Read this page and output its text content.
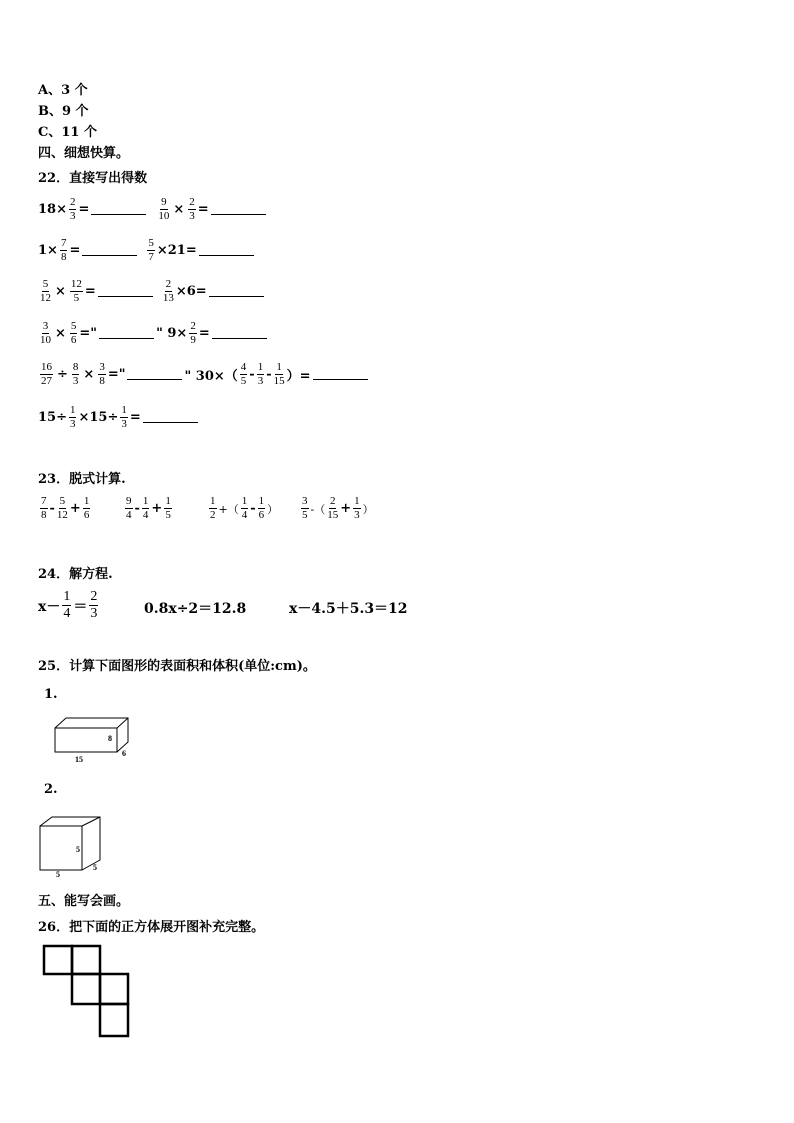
A、3 个
B、9 个
C、11 个
四、细想快算。
22．直接写出得数
$18\times \frac{2}{3}$ =	$\frac{9}{10} \times \frac{2}{3}$ =
$1\times \frac{7}{8}$ =	$\frac{5}{7} \times 21=$
$\frac{5}{12} \times \frac{12}{5}$ =	$\frac{2}{13} \times 6=$
$\frac{3}{10} \times \frac{5}{6}$ ="	" $9\times \frac{2}{9}$ =
$\frac{16}{27} \div \frac{8}{3} \times \frac{3}{8}$ ="	" $30\times( \frac{4}{5} - \frac{1}{3} - \frac{1}{15}$ ）=
$15\div \frac{1}{3} \times 15\div \frac{1}{3}$ =
23．脱式计算.
$\frac{7}{8} - \frac{5}{12} + \frac{1}{6}$	$\frac{9}{4} - \frac{1}{4} + \frac{1}{5}$	$\frac{1}{2}$ +（ $\frac{1}{4} - \frac{1}{6}$ ） $\frac{3}{5}$ -（ $\frac{2}{15} + \frac{1}{3}$ ）
24．解方程.
$x- \frac{1}{4} = \frac{2}{3}$	0.8x÷2＝12.8	x－4.5＋5.3＝12
25．计算下面图形的表面积和体积(单位:cm)。
1.
8
15
6
2.
5
5
5
五、能写会画。
26．把下面的正方体展开图补充完整。
